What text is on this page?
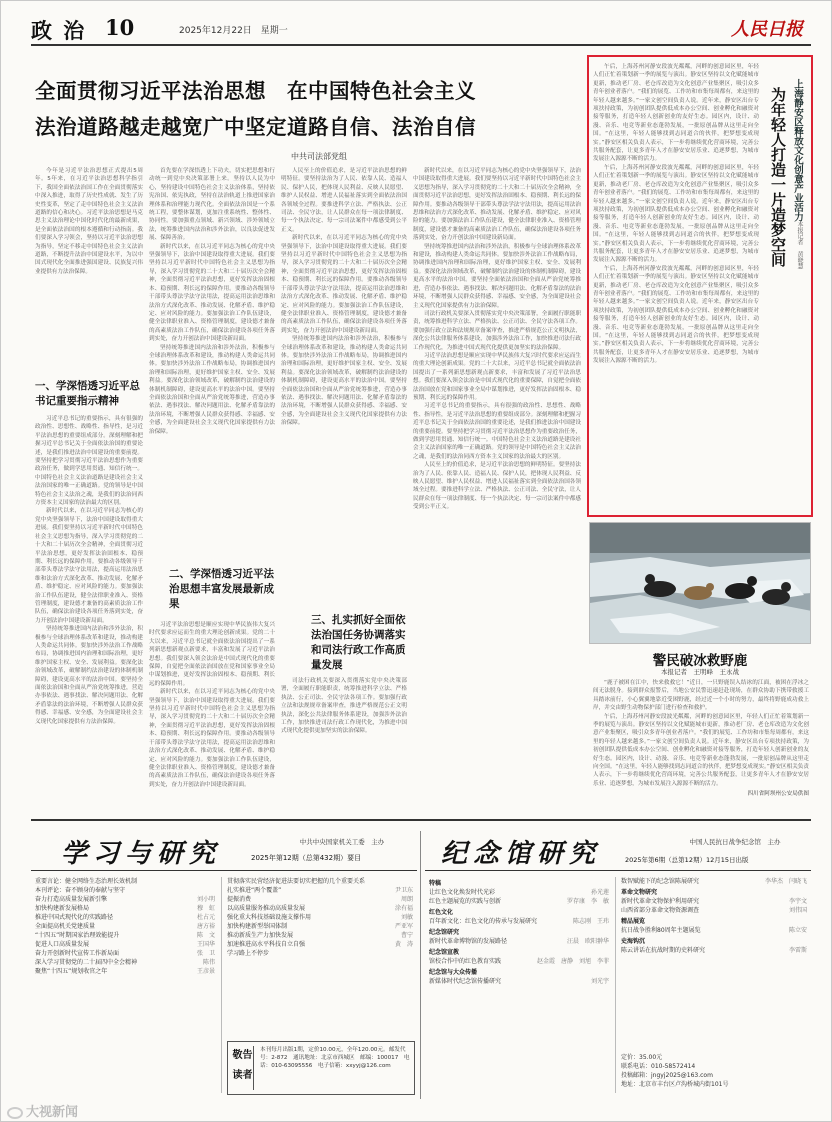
政 治 10	2025年12月22日　星期一	人民日报
全面贯彻习近平法治思想　在中国特色社会主义
法治道路越走越宽广中坚定道路自信、法治自信
中共司法部党组

今年是习近平法治思想正式提出5周年。5年来，在习近平法治思想科学指引下，我国全面依法治国工作在全面贯彻落实中深入推进，取得了历史性成就、发生了历史性变革，坚定了走中国特色社会主义法治道路的信心和决心。习近平法治思想是马克思主义法治理论中国化时代化的最新成果，是全面依法治国的根本遵循和行动指南。我们要深入学习领会，坚持以习近平法治思想为指导，坚定不移走中国特色社会主义法治道路，不断提升法治中国建设水平，为以中国式现代化全面推进强国建设、民族复兴伟业提供有力法治保障。

一、学深悟透习近平总书记重要指示精神

习近平总书记的重要指示，具有很强的政治性、思想性、战略性、指导性，是习近平法治思想的重要组成部分。深刻理解和把握习近平总书记关于全面依法治国的重要论述，是我们推进法治中国建设的重要前提。要坚持把学习贯彻习近平法治思想作为重要政治任务，做到学思用贯通、知信行统一。中国特色社会主义法治道路是建设社会主义法治国家的唯一正确道路。党的领导是中国特色社会主义法治之魂，是我们的法治同西方资本主义国家的法治最大的区别。

新时代以来，在以习近平同志为核心的党中央坚强领导下，法治中国建设取得重大进展。我们要坚持以习近平新时代中国特色社会主义思想为指导，深入学习贯彻党的二十大和二十届历次全会精神，全面贯彻习近平法治思想，更好发挥法治固根本、稳预期、利长远的保障作用。要推动各级领导干部带头尊法学法守法用法，提高运用法治思维和法治方式深化改革、推动发展、化解矛盾、维护稳定、应对风险的能力。要加强法治工作队伍建设，健全法律职业准入、资格管理制度，建设德才兼备的高素质法治工作队伍，确保法治建设各项任务落到实处，奋力开创法治中国建设新局面。

坚持统筹推进国内法治和涉外法治，积极参与全球治理体系改革和建设，推动构建人类命运共同体。要加快涉外法治工作战略布局，协调推进国内治理和国际治理，更好维护国家主权、安全、发展利益。要深化法治领域改革，破解制约法治建设的体制机制障碍，建设更高水平的法治中国。要坚持全面依法治国和全面从严治党统筹推进，营造办事依法、遇事找法、解决问题用法、化解矛盾靠法的法治环境，不断增强人民群众获得感、幸福感、安全感，为全面建设社会主义现代化国家提供有力法治保障。

首先要在学深悟透上下功夫，切实把思想和行动统一到党中央决策部署上来。坚持以人民为中心，坚持建设中国特色社会主义法治体系，坚持依宪治国、依宪执政，坚持在法治轨道上推进国家治理体系和治理能力现代化。全面依法治国是一个系统工程，要整体谋划，更加注重系统性、整体性、协同性。要加强重点领域、新兴领域、涉外领域立法，统筹推进国内法治和涉外法治，以良法促进发展、保障善治。

新时代以来，在以习近平同志为核心的党中央坚强领导下，法治中国建设取得重大进展。我们要坚持以习近平新时代中国特色社会主义思想为指导，深入学习贯彻党的二十大和二十届历次全会精神，全面贯彻习近平法治思想，更好发挥法治固根本、稳预期、利长远的保障作用。要推动各级领导干部带头尊法学法守法用法，提高运用法治思维和法治方式深化改革、推动发展、化解矛盾、维护稳定、应对风险的能力。要加强法治工作队伍建设，健全法律职业准入、资格管理制度，建设德才兼备的高素质法治工作队伍，确保法治建设各项任务落到实处，奋力开创法治中国建设新局面。

坚持统筹推进国内法治和涉外法治，积极参与全球治理体系改革和建设，推动构建人类命运共同体。要加快涉外法治工作战略布局，协调推进国内治理和国际治理，更好维护国家主权、安全、发展利益。要深化法治领域改革，破解制约法治建设的体制机制障碍，建设更高水平的法治中国。要坚持全面依法治国和全面从严治党统筹推进，营造办事依法、遇事找法、解决问题用法、化解矛盾靠法的法治环境，不断增强人民群众获得感、幸福感、安全感，为全面建设社会主义现代化国家提供有力法治保障。

二、学深悟透习近平法治思想丰富发展最新成果

习近平法治思想是顺应实现中华民族伟大复兴时代要求应运而生的重大理论创新成果。党的二十大以来，习近平总书记就全面依法治国提出了一系列新思想新观点新要求，丰富和发展了习近平法治思想。我们要深入领会法治是中国式现代化的重要保障，自觉把全面依法治国放在党和国家事业全局中谋划推进，更好发挥法治固根本、稳预期、利长远的保障作用。

新时代以来，在以习近平同志为核心的党中央坚强领导下，法治中国建设取得重大进展。我们要坚持以习近平新时代中国特色社会主义思想为指导，深入学习贯彻党的二十大和二十届历次全会精神，全面贯彻习近平法治思想，更好发挥法治固根本、稳预期、利长远的保障作用。要推动各级领导干部带头尊法学法守法用法，提高运用法治思维和法治方式深化改革、推动发展、化解矛盾、维护稳定、应对风险的能力。要加强法治工作队伍建设，健全法律职业准入、资格管理制度，建设德才兼备的高素质法治工作队伍，确保法治建设各项任务落到实处，奋力开创法治中国建设新局面。

人民至上的价值追求，是习近平法治思想的鲜明特征。要坚持法治为了人民、依靠人民、造福人民、保护人民，把体现人民利益、反映人民愿望、维护人民权益、增进人民福祉落实到全面依法治国各领域全过程。要推进科学立法、严格执法、公正司法、全民守法，让人民群众在每一项法律制度、每一个执法决定、每一宗司法案件中都感受到公平正义。

新时代以来，在以习近平同志为核心的党中央坚强领导下，法治中国建设取得重大进展。我们要坚持以习近平新时代中国特色社会主义思想为指导，深入学习贯彻党的二十大和二十届历次全会精神，全面贯彻习近平法治思想，更好发挥法治固根本、稳预期、利长远的保障作用。要推动各级领导干部带头尊法学法守法用法，提高运用法治思维和法治方式深化改革、推动发展、化解矛盾、维护稳定、应对风险的能力。要加强法治工作队伍建设，健全法律职业准入、资格管理制度，建设德才兼备的高素质法治工作队伍，确保法治建设各项任务落到实处，奋力开创法治中国建设新局面。

坚持统筹推进国内法治和涉外法治，积极参与全球治理体系改革和建设，推动构建人类命运共同体。要加快涉外法治工作战略布局，协调推进国内治理和国际治理，更好维护国家主权、安全、发展利益。要深化法治领域改革，破解制约法治建设的体制机制障碍，建设更高水平的法治中国。要坚持全面依法治国和全面从严治党统筹推进，营造办事依法、遇事找法、解决问题用法、化解矛盾靠法的法治环境，不断增强人民群众获得感、幸福感、安全感，为全面建设社会主义现代化国家提供有力法治保障。

三、扎实抓好全面依法治国任务协调落实和司法行政工作高质量发展

司法行政机关要深入贯彻落实党中央决策部署，全面履行职能职责，统筹推进科学立法、严格执法、公正司法、全民守法各项工作。要加强行政立法和法规规章备案审查，推进严格规范公正文明执法，深化公共法律服务体系建设，加强涉外法治工作，加快推进司法行政工作现代化，为推进中国式现代化提供更加坚实的法治保障。

新时代以来，在以习近平同志为核心的党中央坚强领导下，法治中国建设取得重大进展。我们要坚持以习近平新时代中国特色社会主义思想为指导，深入学习贯彻党的二十大和二十届历次全会精神，全面贯彻习近平法治思想，更好发挥法治固根本、稳预期、利长远的保障作用。要推动各级领导干部带头尊法学法守法用法，提高运用法治思维和法治方式深化改革、推动发展、化解矛盾、维护稳定、应对风险的能力。要加强法治工作队伍建设，健全法律职业准入、资格管理制度，建设德才兼备的高素质法治工作队伍，确保法治建设各项任务落到实处，奋力开创法治中国建设新局面。

坚持统筹推进国内法治和涉外法治，积极参与全球治理体系改革和建设，推动构建人类命运共同体。要加快涉外法治工作战略布局，协调推进国内治理和国际治理，更好维护国家主权、安全、发展利益。要深化法治领域改革，破解制约法治建设的体制机制障碍，建设更高水平的法治中国。要坚持全面依法治国和全面从严治党统筹推进，营造办事依法、遇事找法、解决问题用法、化解矛盾靠法的法治环境，不断增强人民群众获得感、幸福感、安全感，为全面建设社会主义现代化国家提供有力法治保障。

司法行政机关要深入贯彻落实党中央决策部署，全面履行职能职责，统筹推进科学立法、严格执法、公正司法、全民守法各项工作。要加强行政立法和法规规章备案审查，推进严格规范公正文明执法，深化公共法律服务体系建设，加强涉外法治工作，加快推进司法行政工作现代化，为推进中国式现代化提供更加坚实的法治保障。

习近平法治思想是顺应实现中华民族伟大复兴时代要求应运而生的重大理论创新成果。党的二十大以来，习近平总书记就全面依法治国提出了一系列新思想新观点新要求，丰富和发展了习近平法治思想。我们要深入领会法治是中国式现代化的重要保障，自觉把全面依法治国放在党和国家事业全局中谋划推进，更好发挥法治固根本、稳预期、利长远的保障作用。

习近平总书记的重要指示，具有很强的政治性、思想性、战略性、指导性，是习近平法治思想的重要组成部分。深刻理解和把握习近平总书记关于全面依法治国的重要论述，是我们推进法治中国建设的重要前提。要坚持把学习贯彻习近平法治思想作为重要政治任务，做到学思用贯通、知信行统一。中国特色社会主义法治道路是建设社会主义法治国家的唯一正确道路。党的领导是中国特色社会主义法治之魂，是我们的法治同西方资本主义国家的法治最大的区别。

人民至上的价值追求，是习近平法治思想的鲜明特征。要坚持法治为了人民、依靠人民、造福人民、保护人民，把体现人民利益、反映人民愿望、维护人民权益、增进人民福祉落实到全面依法治国各领域全过程。要推进科学立法、严格执法、公正司法、全民守法，让人民群众在每一项法律制度、每一个执法决定、每一宗司法案件中都感受到公平正义。

午后，上海苏州河静安段波光粼粼，河畔的创意园区里，年轻人们正忙着策划新一季的展览与演出。静安区坚持以文化赋能城市更新，推动老厂房、老仓库改造为文化创意产业集聚区，吸引众多青年创业者落户。“我们的展览、工作坊和市集每周都有，来这里的年轻人越来越多。”一家文创空间负责人说。近年来，静安区出台专项扶持政策，为初创团队提供低成本办公空间、创业孵化和融资对接等服务，打造年轻人创新创业的友好生态。园区内，设计、动漫、音乐、电竞等新业态蓬勃发展，一批原创品牌从这里走向全国。“在这里，年轻人能够找到志同道合的伙伴，把梦想变成现实。”静安区相关负责人表示，下一步将继续优化营商环境，完善公共服务配套，让更多青年人才在静安安居乐业、追逐梦想，为城市发展注入源源不断的活力。

午后，上海苏州河静安段波光粼粼，河畔的创意园区里，年轻人们正忙着策划新一季的展览与演出。静安区坚持以文化赋能城市更新，推动老厂房、老仓库改造为文化创意产业集聚区，吸引众多青年创业者落户。“我们的展览、工作坊和市集每周都有，来这里的年轻人越来越多。”一家文创空间负责人说。近年来，静安区出台专项扶持政策，为初创团队提供低成本办公空间、创业孵化和融资对接等服务，打造年轻人创新创业的友好生态。园区内，设计、动漫、音乐、电竞等新业态蓬勃发展，一批原创品牌从这里走向全国。“在这里，年轻人能够找到志同道合的伙伴，把梦想变成现实。”静安区相关负责人表示，下一步将继续优化营商环境，完善公共服务配套，让更多青年人才在静安安居乐业、追逐梦想，为城市发展注入源源不断的活力。

午后，上海苏州河静安段波光粼粼，河畔的创意园区里，年轻人们正忙着策划新一季的展览与演出。静安区坚持以文化赋能城市更新，推动老厂房、老仓库改造为文化创意产业集聚区，吸引众多青年创业者落户。“我们的展览、工作坊和市集每周都有，来这里的年轻人越来越多。”一家文创空间负责人说。近年来，静安区出台专项扶持政策，为初创团队提供低成本办公空间、创业孵化和融资对接等服务，打造年轻人创新创业的友好生态。园区内，设计、动漫、音乐、电竞等新业态蓬勃发展，一批原创品牌从这里走向全国。“在这里，年轻人能够找到志同道合的伙伴，把梦想变成现实。”静安区相关负责人表示，下一步将继续优化营商环境，完善公共服务配套，让更多青年人才在静安安居乐业、追逐梦想，为城市发展注入源源不断的活力。

上海静安区释放文化创意产业活力
为年轻人打造一片造梦空间 本报记者　黄晓慧
警民破冰救野鹿
本报记者　王明峰　王永战

“鹿子被困在江中，快来救救它！”近日，一只野鹿误入结冰的江面，被困在浮冰之间无法脱身。接到群众报警后，当地公安民警迅速赶赴现场，在群众协助下携带救援工具踏冰前行，小心翼翼地靠近受困野鹿，经过近一个小时的努力，最终将野鹿成功救上岸，并交由野生动物保护部门进行检查和救护。

午后，上海苏州河静安段波光粼粼，河畔的创意园区里，年轻人们正忙着策划新一季的展览与演出。静安区坚持以文化赋能城市更新，推动老厂房、老仓库改造为文化创意产业集聚区，吸引众多青年创业者落户。“我们的展览、工作坊和市集每周都有，来这里的年轻人越来越多。”一家文创空间负责人说。近年来，静安区出台专项扶持政策，为初创团队提供低成本办公空间、创业孵化和融资对接等服务，打造年轻人创新创业的友好生态。园区内，设计、动漫、音乐、电竞等新业态蓬勃发展，一批原创品牌从这里走向全国。“在这里，年轻人能够找到志同道合的伙伴，把梦想变成现实。”静安区相关负责人表示，下一步将继续优化营商环境，完善公共服务配套，让更多青年人才在静安安居乐业、追逐梦想，为城市发展注入源源不断的活力。

四川省阿坝州公安局供图

学习与研究	中共中央国家机关工委　主办
2025年第12期（总第432期）要目
重要言论：健全网络生态治理长效机制
本刊评论：奋不顾身的奉献与坚守
奋力打造高质量发展新引擎	刘小明
加快构建新发展格局	穆　虹
推进中国式现代化的实践路径	杜占元
全面提高机关党建质量	唐方裕
“十四五”时期国家治理效能提升	陈　文
促进人口高质量发展	王国华
奋力开创新时代宣传工作新局面	张　卫
深入学习贯彻党的二十届四中全会精神	陈伟
聚焦“十四五”规划收官之年	王彦景
贯彻落实民营经济促进法要切实把握的几个重要关系
扎实推进“两个覆盖”	尹卫东
提振消费	周朗
以高质量服务推动高质量发展	涂有福
强化重大科技基础设施支撑作用	刘敏
加快构建新型举国体制	严亚军
推动新质生产力加快发展	曹宁
加速推进高水平科技自立自强	黄　涛
学习路上不停步
敬告读者
本刊每月出版1期，定价10.00元，全年120.00元。邮发代号：2-872　通讯地址：北京市西城区　邮编：100017　电话：010-63095556　电子信箱：xxyyj@126.com
纪念馆研究	中国人民抗日战争纪念馆　主办
2025年第6期（总第12期）12月15日出版
特稿
让红色文化焕发时代光彩	孙光莲
红色主题展览的实践与创新	罗存康　李　敏
红色文化
百年新文化：红色文化的传承与发展研究	陈志刚　王玮
纪念馆研究
新时代革命博物馆的发展路径	汪晨　欧阳翀华
纪念馆宣教
馆校合作中的红色教育实践	赵金霞　唐静　刘旭　李菲
纪念馆与大众传播
新媒体时代纪念馆传播研究	刘光宇
数智赋能下的纪念馆陈展研究	李华杰　闫晓飞
革命文物研究
新时代革命文物保护利用研究	李宇文
山西省部分革命文物资源调查	刘伟国
精品展览
抗日战争胜利80周年主题展览	陈立安
史海钩沉
陈云讲话在抗战时期的史料研究	李雷斯
定价：35.00元
联系电话：010-58572414
投稿邮箱：jngyj2025@163.com
地址：北京市丰台区卢沟桥城内街101号
大视新闻
